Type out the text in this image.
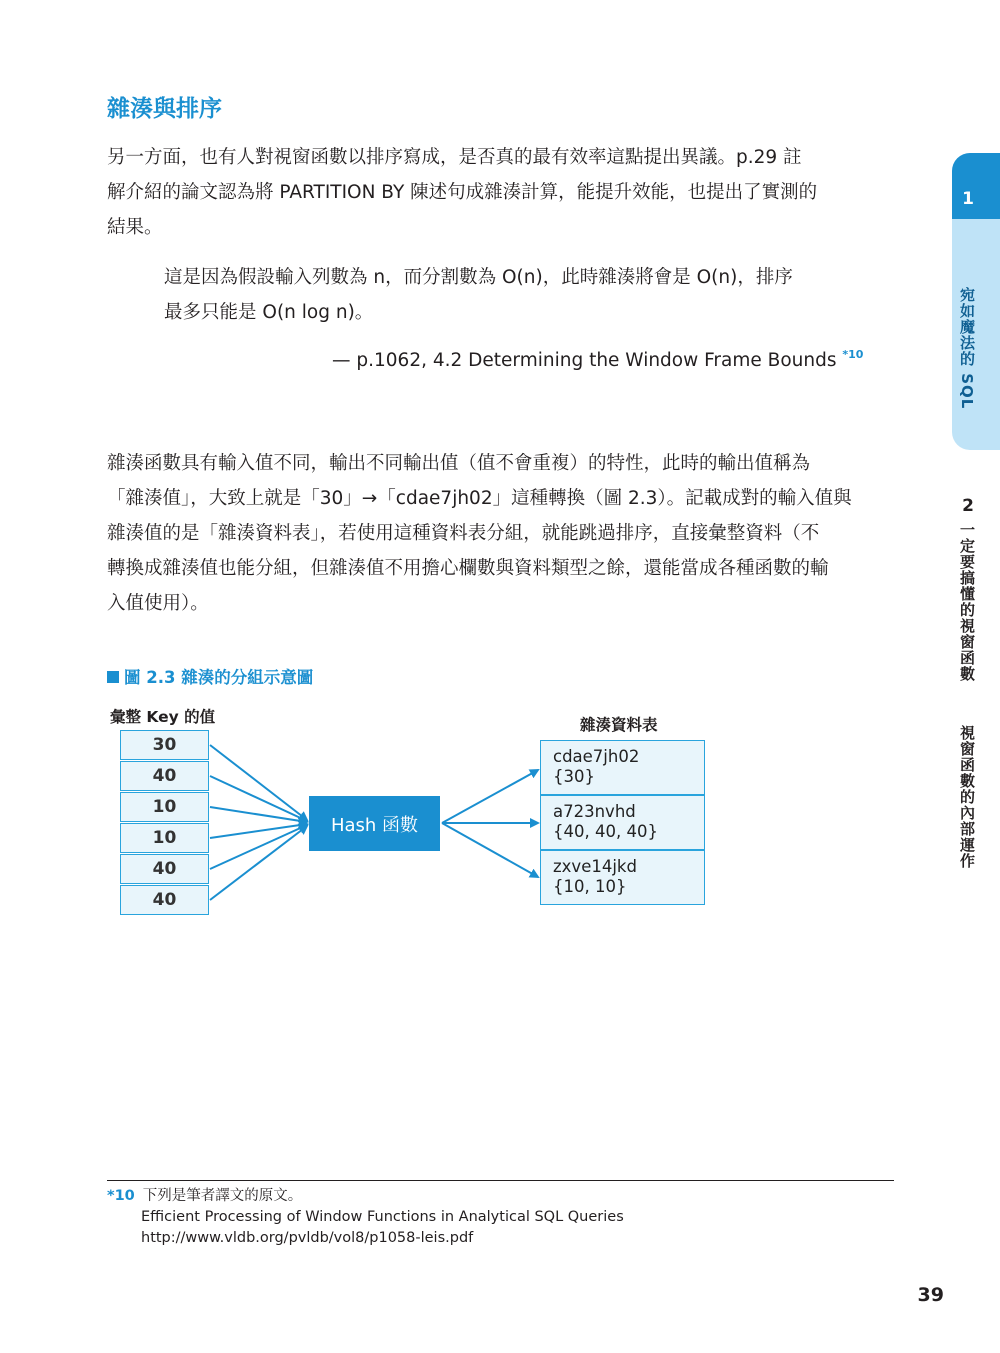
雜湊與排序
另一方面，也有人對視窗函數以排序寫成，是否真的最有效率這點提出異議。p.29 註
解介紹的論文認為將 PARTITION BY 陳述句成雜湊計算，能提升效能，也提出了實測的
結果。
這是因為假設輸入列數為 n，而分割數為 O(n)，此時雜湊將會是 O(n)，排序
最多只能是 O(n log n)。
— p.1062, 4.2 Determining the Window Frame Bounds $^{*10}$
雜湊函數具有輸入值不同，輸出不同輸出值（值不會重複）的特性，此時的輸出值稱為
「雜湊值」，大致上就是「30」→「cdae7jh02」這種轉換（圖 2.3）。記載成對的輸入值與
雜湊值的是「雜湊資料表」，若使用這種資料表分組，就能跳過排序，直接彙整資料（不
轉換成雜湊值也能分組，但雜湊值不用擔心欄數與資料類型之餘，還能當成各種函數的輸
入值使用）。
圖 2.3 雜湊的分組示意圖
彙整 Key 的值	雜湊資料表
30
40
10
10
40
40
Hash 函數
cdae7jh02
{30}
a723nvhd
{40, 40, 40}
zxve14jkd
{10, 10}
*10 下列是筆者譯文的原文。
Efficient Processing of Window Functions in Analytical SQL Queries
http://www.vldb.org/pvldb/vol8/p1058-leis.pdf
39
1
宛如魔法的 SQL
2
一定要搞懂的視窗函數
視窗函數的內部運作
